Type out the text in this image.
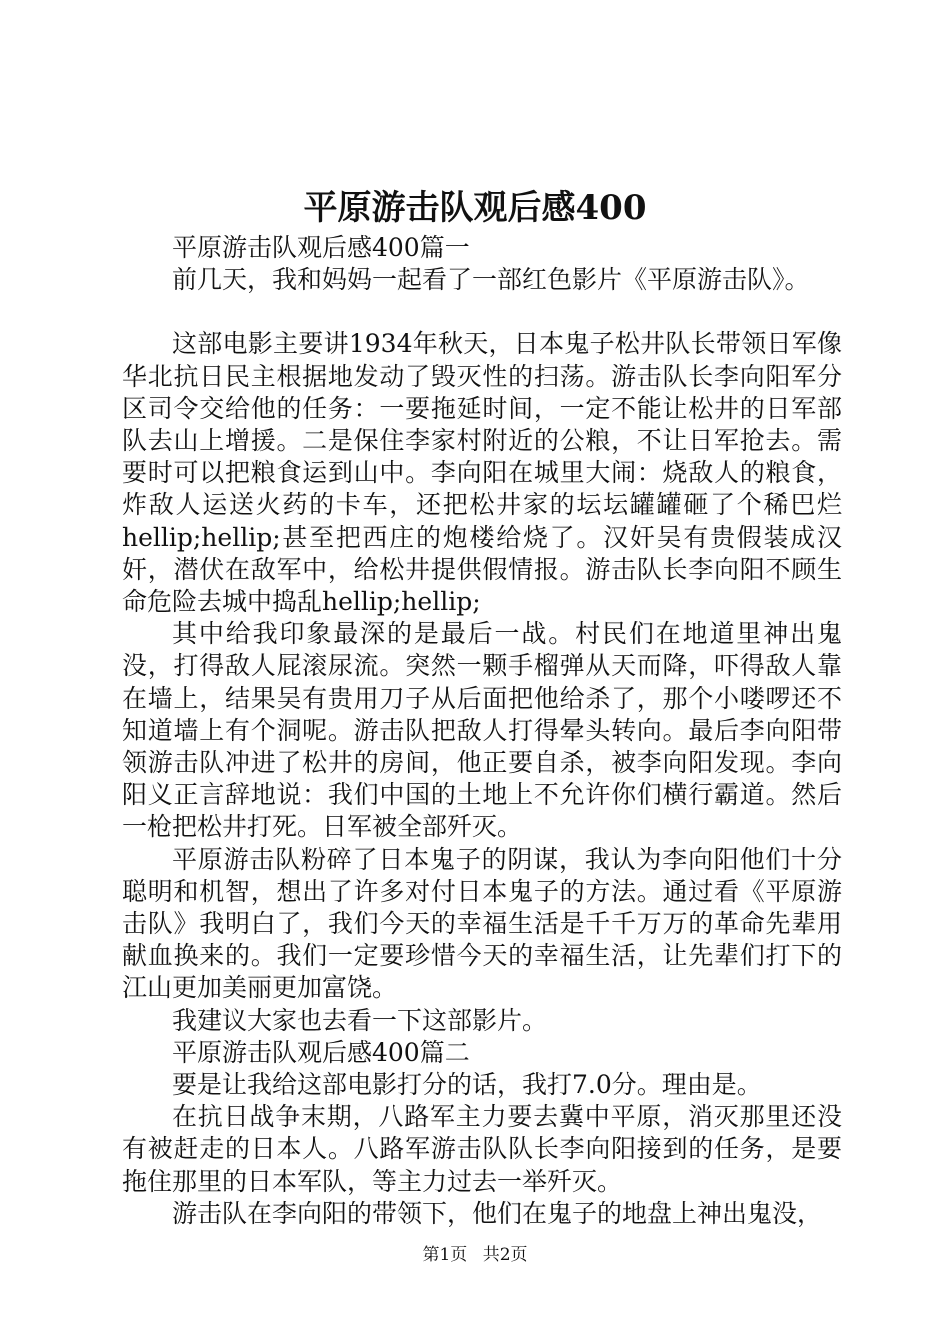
平原游击队观后感400

平原游击队观后感400篇一

前几天，我和妈妈一起看了一部红色影片《平原游击队》。

这部电影主要讲1934年秋天，日本鬼子松井队长带领日军像华北抗日民主根据地发动了毁灭性的扫荡。游击队长李向阳军分区司令交给他的任务：一要拖延时间，一定不能让松井的日军部队去山上增援。二是保住李家村附近的公粮，不让日军抢去。需要时可以把粮食运到山中。李向阳在城里大闹：烧敌人的粮食，炸敌人运送火药的卡车，还把松井家的坛坛罐罐砸了个稀巴烂hellip;hellip;甚至把西庄的炮楼给烧了。汉奸吴有贵假装成汉奸，潜伏在敌军中，给松井提供假情报。游击队长李向阳不顾生命危险去城中捣乱hellip;hellip;

其中给我印象最深的是最后一战。村民们在地道里神出鬼没，打得敌人屁滚尿流。突然一颗手榴弹从天而降，吓得敌人靠在墙上，结果吴有贵用刀子从后面把他给杀了，那个小喽啰还不知道墙上有个洞呢。游击队把敌人打得晕头转向。最后李向阳带领游击队冲进了松井的房间，他正要自杀，被李向阳发现。李向阳义正言辞地说：我们中国的土地上不允许你们横行霸道。然后一枪把松井打死。日军被全部歼灭。

平原游击队粉碎了日本鬼子的阴谋，我认为李向阳他们十分聪明和机智，想出了许多对付日本鬼子的方法。通过看《平原游击队》我明白了，我们今天的幸福生活是千千万万的革命先辈用献血换来的。我们一定要珍惜今天的幸福生活，让先辈们打下的江山更加美丽更加富饶。

我建议大家也去看一下这部影片。

平原游击队观后感400篇二

要是让我给这部电影打分的话，我打7.0分。理由是。

在抗日战争末期，八路军主力要去冀中平原，消灭那里还没有被赶走的日本人。八路军游击队队长李向阳接到的任务，是要拖住那里的日本军队，等主力过去一举歼灭。

游击队在李向阳的带领下，他们在鬼子的地盘上神出鬼没，

第1页 共2页
